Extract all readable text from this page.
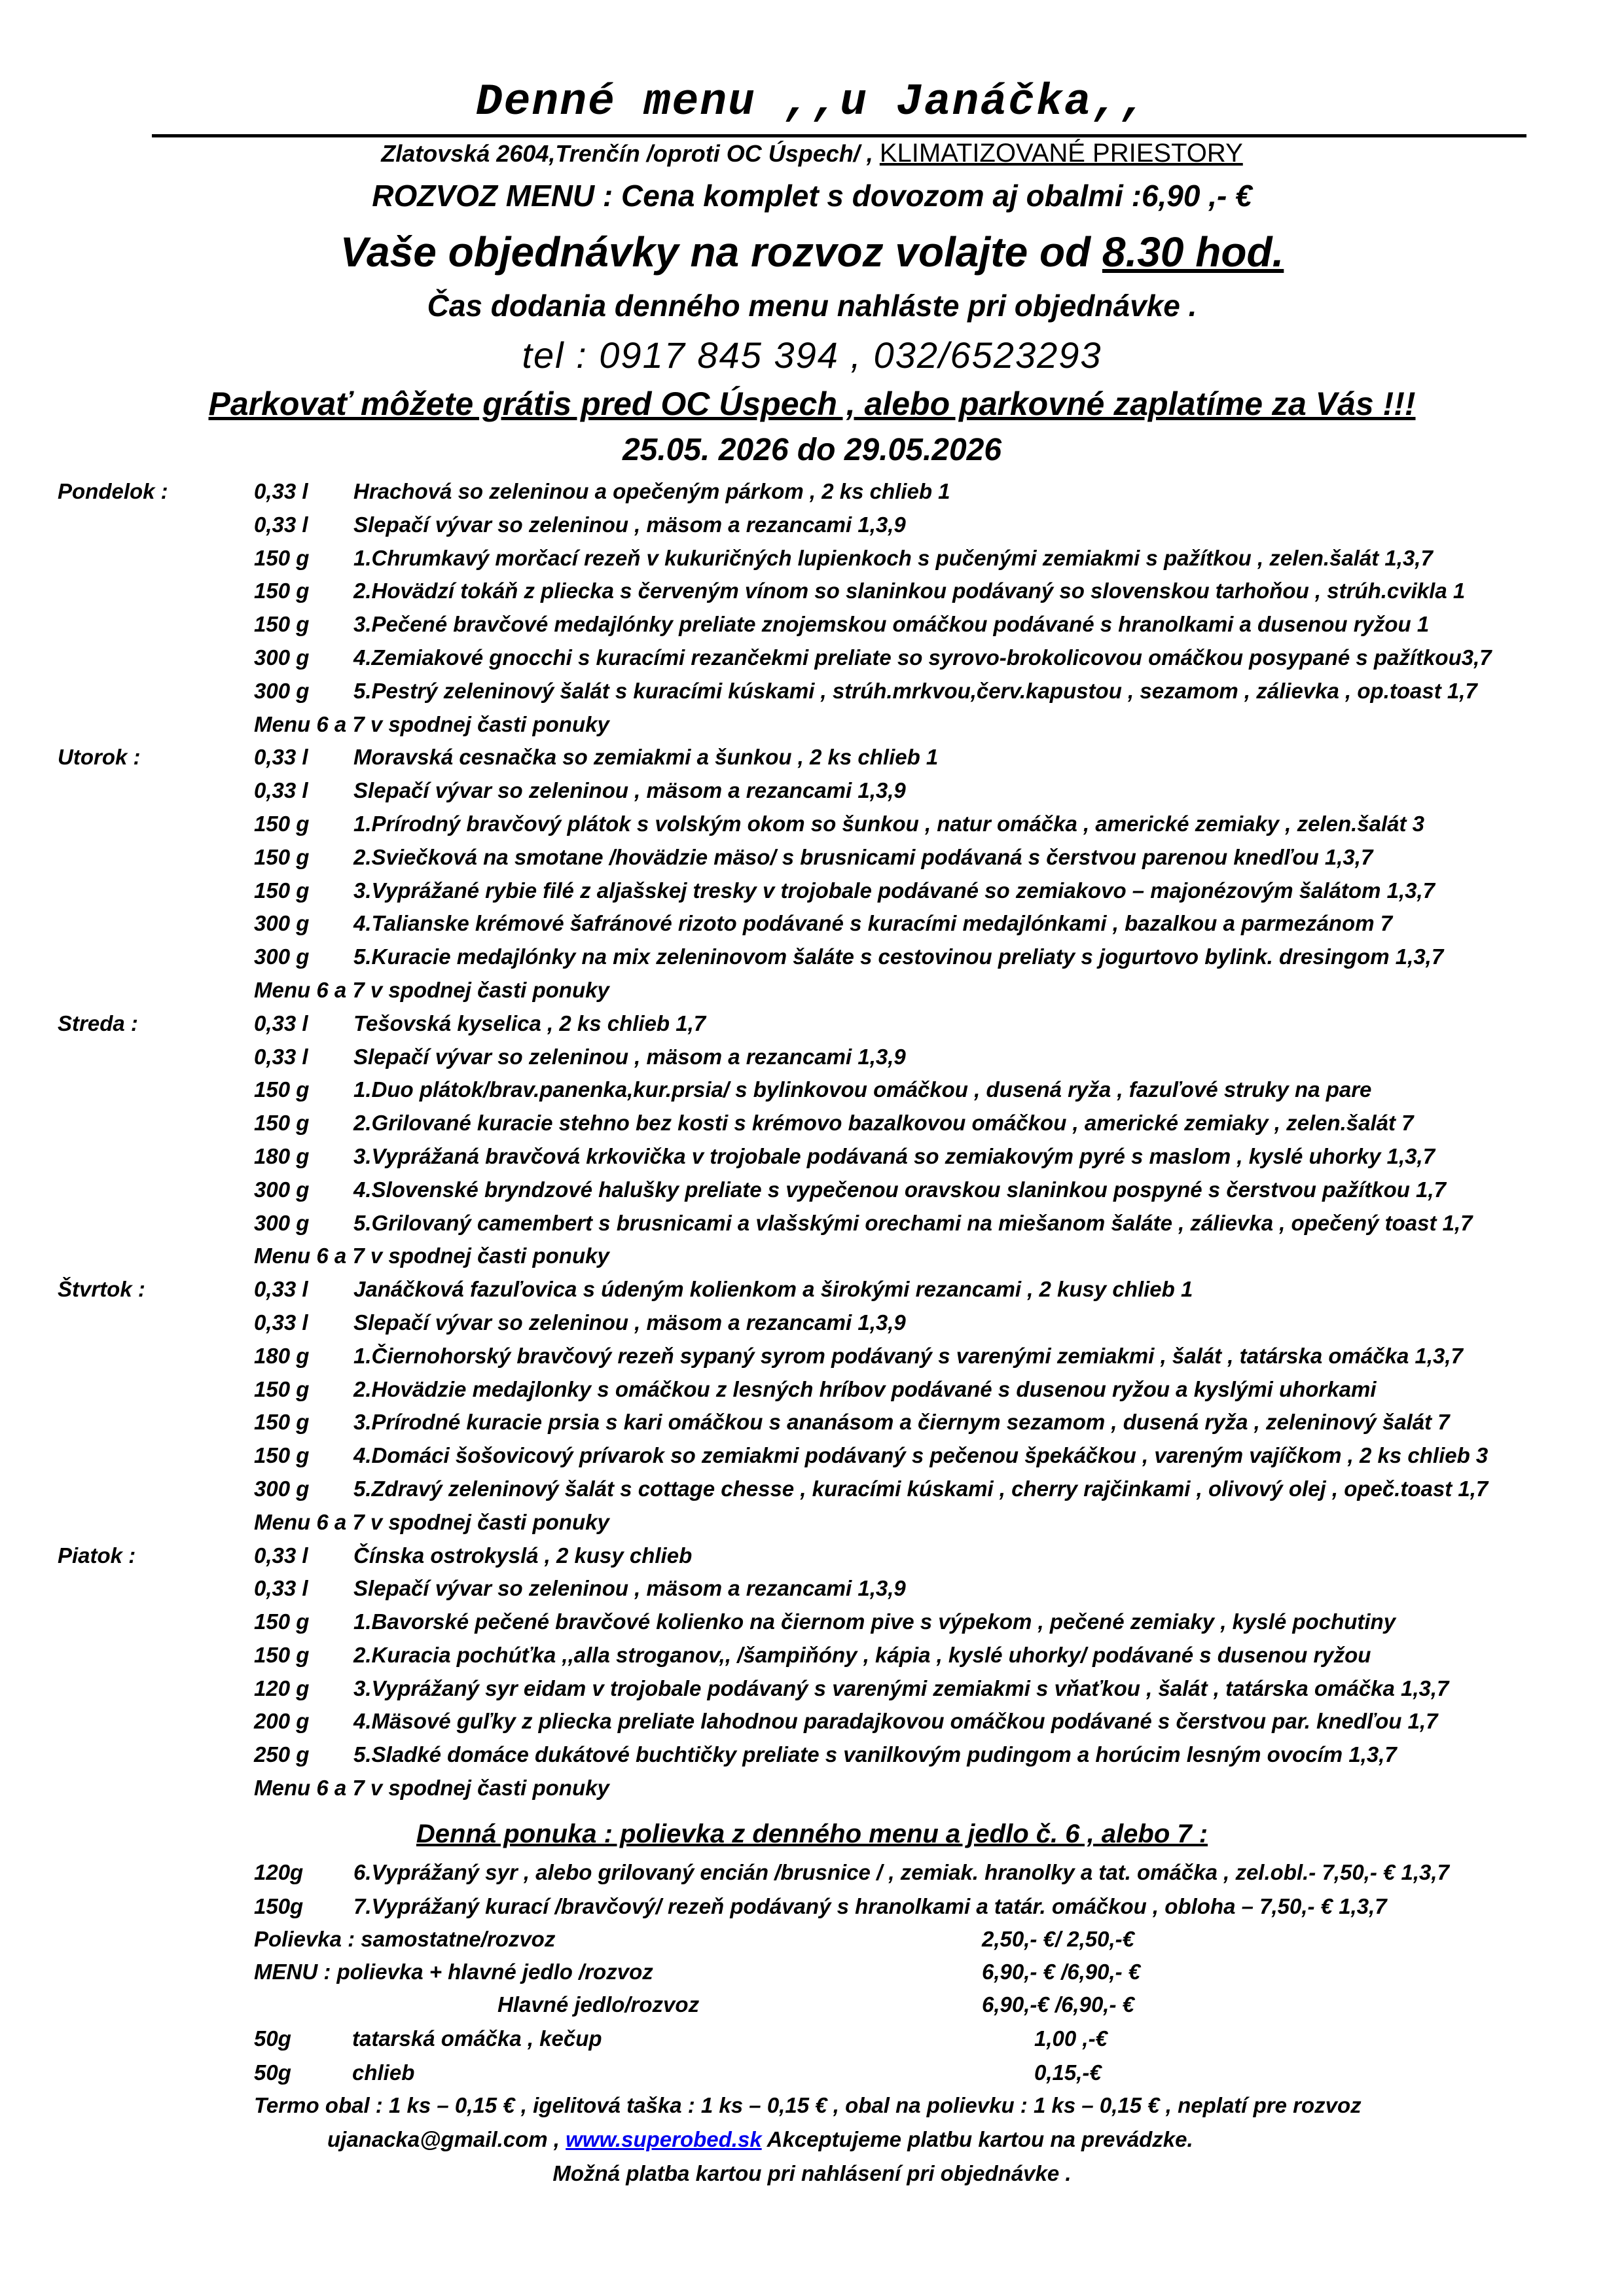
Denné menu ,,u Janáčka,,
Zlatovská 2604,Trenčín /oproti OC Úspech/ , KLIMATIZOVANÉ PRIESTORY
ROZVOZ MENU : Cena komplet s dovozom aj obalmi :6,90 ,- €
Vaše objednávky na rozvoz volajte od 8.30 hod.
Čas dodania denného menu nahláste pri objednávke .
tel : 0917 845 394 , 032/6523293
Parkovať môžete grátis pred OC Úspech , alebo parkovné zaplatíme za Vás !!!
25.05. 2026 do 29.05.2026
Pondelok :	0,33 l Hrachová so zeleninou a opečeným párkom , 2 ks chlieb 1
0,33 l Slepačí vývar so zeleninou , mäsom a rezancami 1,3,9
150 g 1.Chrumkavý morčací rezeň v kukuričných lupienkoch s pučenými zemiakmi s pažítkou , zelen.šalát 1,3,7
150 g 2.Hovädzí tokáň z pliecka s červeným vínom so slaninkou podávaný so slovenskou tarhoňou , strúh.cvikla 1
150 g 3.Pečené bravčové medajlónky preliate znojemskou omáčkou podávané s hranolkami a dusenou ryžou 1
300 g 4.Zemiakové gnocchi s kuracími rezančekmi preliate so syrovo-brokolicovou omáčkou posypané s pažítkou3,7
300 g 5.Pestrý zeleninový šalát s kuracími kúskami , strúh.mrkvou,červ.kapustou , sezamom , zálievka , op.toast 1,7
Menu 6 a 7 v spodnej časti ponuky
Utorok :	0,33 l Moravská cesnačka so zemiakmi a šunkou , 2 ks chlieb 1
0,33 l Slepačí vývar so zeleninou , mäsom a rezancami 1,3,9
150 g 1.Prírodný bravčový plátok s volským okom so šunkou , natur omáčka , americké zemiaky , zelen.šalát 3
150 g 2.Sviečková na smotane /hovädzie mäso/ s brusnicami podávaná s čerstvou parenou knedľou 1,3,7
150 g 3.Vyprážané rybie filé z aljašskej tresky v trojobale podávané so zemiakovo – majonézovým šalátom 1,3,7
300 g 4.Talianske krémové šafránové rizoto podávané s kuracími medajlónkami , bazalkou a parmezánom 7
300 g 5.Kuracie medajlónky na mix zeleninovom šaláte s cestovinou preliaty s jogurtovo bylink. dresingom 1,3,7
Menu 6 a 7 v spodnej časti ponuky
Streda :	0,33 l Tešovská kyselica , 2 ks chlieb 1,7
0,33 l Slepačí vývar so zeleninou , mäsom a rezancami 1,3,9
150 g 1.Duo plátok/brav.panenka,kur.prsia/ s bylinkovou omáčkou , dusená ryža , fazuľové struky na pare
150 g 2.Grilované kuracie stehno bez kosti s krémovo bazalkovou omáčkou , americké zemiaky , zelen.šalát 7
180 g 3.Vyprážaná bravčová krkovička v trojobale podávaná so zemiakovým pyré s maslom , kyslé uhorky 1,3,7
300 g 4.Slovenské bryndzové halušky preliate s vypečenou oravskou slaninkou pospyné s čerstvou pažítkou 1,7
300 g 5.Grilovaný camembert s brusnicami a vlašskými orechami na miešanom šaláte , zálievka , opečený toast 1,7
Menu 6 a 7 v spodnej časti ponuky
Štvrtok :	0,33 l Janáčková fazuľovica s údeným kolienkom a širokými rezancami , 2 kusy chlieb 1
0,33 l Slepačí vývar so zeleninou , mäsom a rezancami 1,3,9
180 g 1.Čiernohorský bravčový rezeň sypaný syrom podávaný s varenými zemiakmi , šalát , tatárska omáčka 1,3,7
150 g 2.Hovädzie medajlonky s omáčkou z lesných hríbov podávané s dusenou ryžou a kyslými uhorkami
150 g 3.Prírodné kuracie prsia s kari omáčkou s ananásom a čiernym sezamom , dusená ryža , zeleninový šalát 7
150 g 4.Domáci šošovicový prívarok so zemiakmi podávaný s pečenou špekáčkou , vareným vajíčkom , 2 ks chlieb 3
300 g 5.Zdravý zeleninový šalát s cottage chesse , kuracími kúskami , cherry rajčinkami , olivový olej , opeč.toast 1,7
Menu 6 a 7 v spodnej časti ponuky
Piatok :	0,33 l Čínska ostrokyslá , 2 kusy chlieb
0,33 l Slepačí vývar so zeleninou , mäsom a rezancami 1,3,9
150 g 1.Bavorské pečené bravčové kolienko na čiernom pive s výpekom , pečené zemiaky , kyslé pochutiny
150 g 2.Kuracia pochúťka ,,alla stroganov,, /šampiňóny , kápia , kyslé uhorky/ podávané s dusenou ryžou
120 g 3.Vyprážaný syr eidam v trojobale podávaný s varenými zemiakmi s vňaťkou , šalát , tatárska omáčka 1,3,7
200 g 4.Mäsové guľky z pliecka preliate lahodnou paradajkovou omáčkou podávané s čerstvou par. knedľou 1,7
250 g 5.Sladké domáce dukátové buchtičky preliate s vanilkovým pudingom a horúcim lesným ovocím 1,3,7
Menu 6 a 7 v spodnej časti ponuky
Denná ponuka : polievka z denného menu a jedlo č. 6 , alebo 7 :
120g 6.Vyprážaný syr , alebo grilovaný encián /brusnice / , zemiak. hranolky a tat. omáčka , zel.obl.- 7,50,- € 1,3,7
150g 7.Vyprážaný kurací /bravčový/ rezeň podávaný s hranolkami a tatár. omáčkou , obloha – 7,50,- € 1,3,7
Polievka : samostatne/rozvoz	2,50,- €/ 2,50,-€
MENU : polievka + hlavné jedlo /rozvoz	6,90,- € /6,90,- €
Hlavné jedlo/rozvoz	6,90,-€ /6,90,- €
50g	tatarská omáčka , kečup	1,00 ,-€
50g	chlieb	0,15,-€
Termo obal : 1 ks – 0,15 € , igelitová taška : 1 ks – 0,15 € , obal na polievku : 1 ks – 0,15 € , neplatí pre rozvoz
ujanacka@gmail.com , www.superobed.sk Akceptujeme platbu kartou na prevádzke.
Možná platba kartou pri nahlásení pri objednávke .
